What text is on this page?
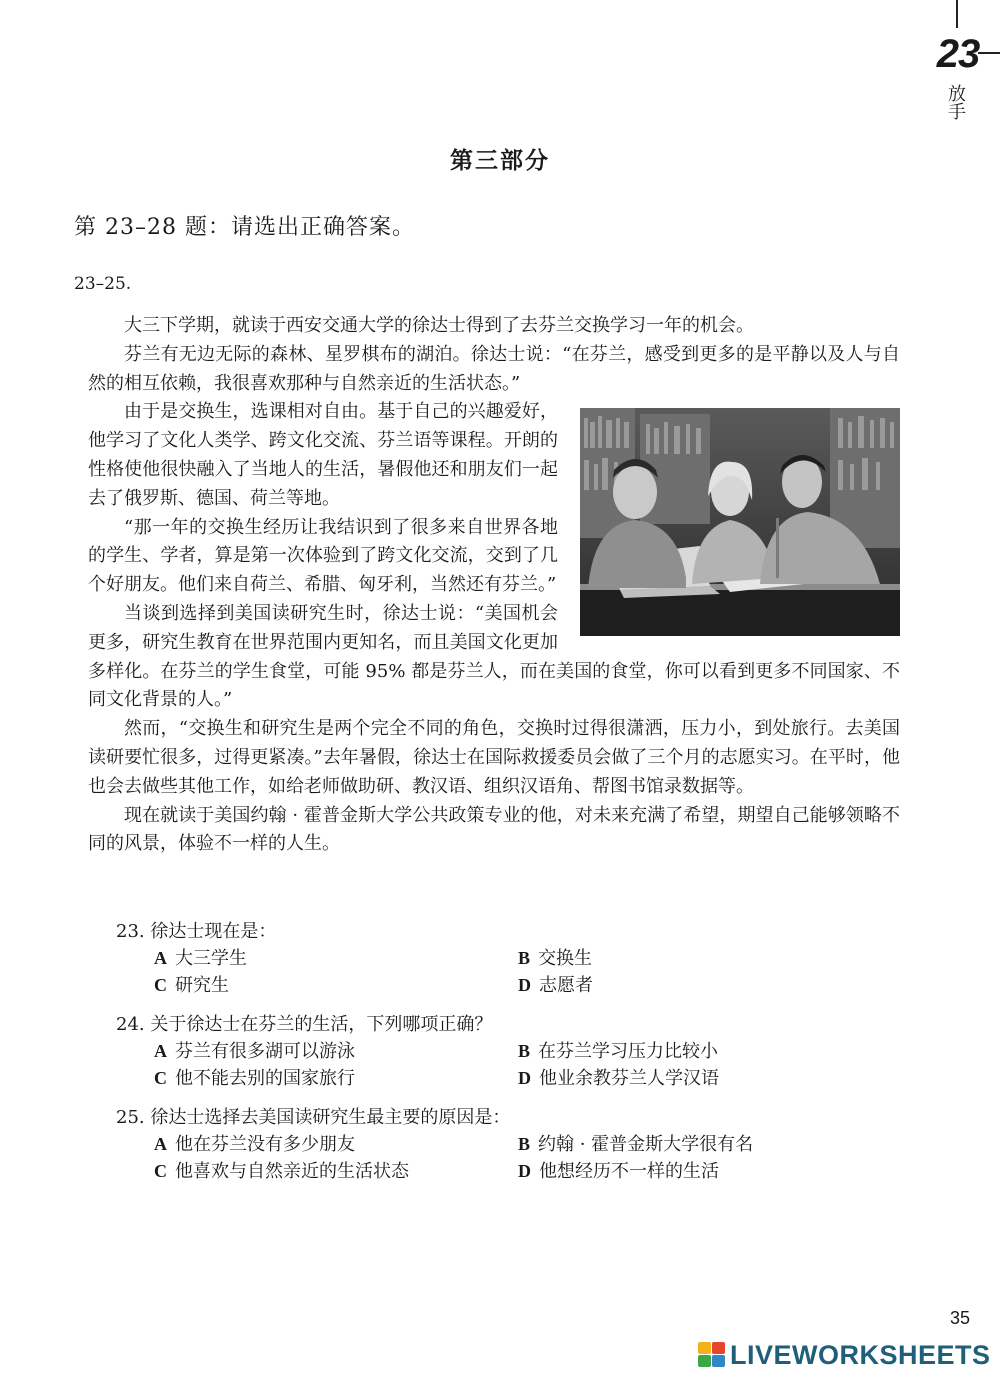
23
放手
第三部分
第 23–28 题：请选出正确答案。
23–25.

大三下学期，就读于西安交通大学的徐达士得到了去芬兰交换学习一年的机会。

芬兰有无边无际的森林、星罗棋布的湖泊。徐达士说：“在芬兰，感受到更多的是平静以及人与自然的相互依赖，我很喜欢那种与自然亲近的生活状态。”

由于是交换生，选课相对自由。基于自己的兴趣爱好，他学习了文化人类学、跨文化交流、芬兰语等课程。开朗的性格使他很快融入了当地人的生活，暑假他还和朋友们一起去了俄罗斯、德国、荷兰等地。

“那一年的交换生经历让我结识到了很多来自世界各地的学生、学者，算是第一次体验到了跨文化交流，交到了几个好朋友。他们来自荷兰、希腊、匈牙利，当然还有芬兰。”

当谈到选择到美国读研究生时，徐达士说：“美国机会更多，研究生教育在世界范围内更知名，而且美国文化更加多样化。在芬兰的学生食堂，可能 95% 都是芬兰人，而在美国的食堂，你可以看到更多不同国家、不同文化背景的人。”

然而，“交换生和研究生是两个完全不同的角色，交换时过得很潇洒，压力小，到处旅行。去美国读研要忙很多，过得更紧凑。”去年暑假，徐达士在国际救援委员会做了三个月的志愿实习。在平时，他也会去做些其他工作，如给老师做助研、教汉语、组织汉语角、帮图书馆录数据等。

现在就读于美国约翰 · 霍普金斯大学公共政策专业的他，对未来充满了希望，期望自己能够领略不同的风景，体验不一样的人生。

23. 徐达士现在是：
A 大三学生	B 交换生
C 研究生	D 志愿者
24. 关于徐达士在芬兰的生活，下列哪项正确？
A 芬兰有很多湖可以游泳	B 在芬兰学习压力比较小
C 他不能去别的国家旅行	D 他业余教芬兰人学汉语
25. 徐达士选择去美国读研究生最主要的原因是：
A 他在芬兰没有多少朋友	B 约翰 · 霍普金斯大学很有名
C 他喜欢与自然亲近的生活状态	D 他想经历不一样的生活
35
LIVEWORKSHEETS
